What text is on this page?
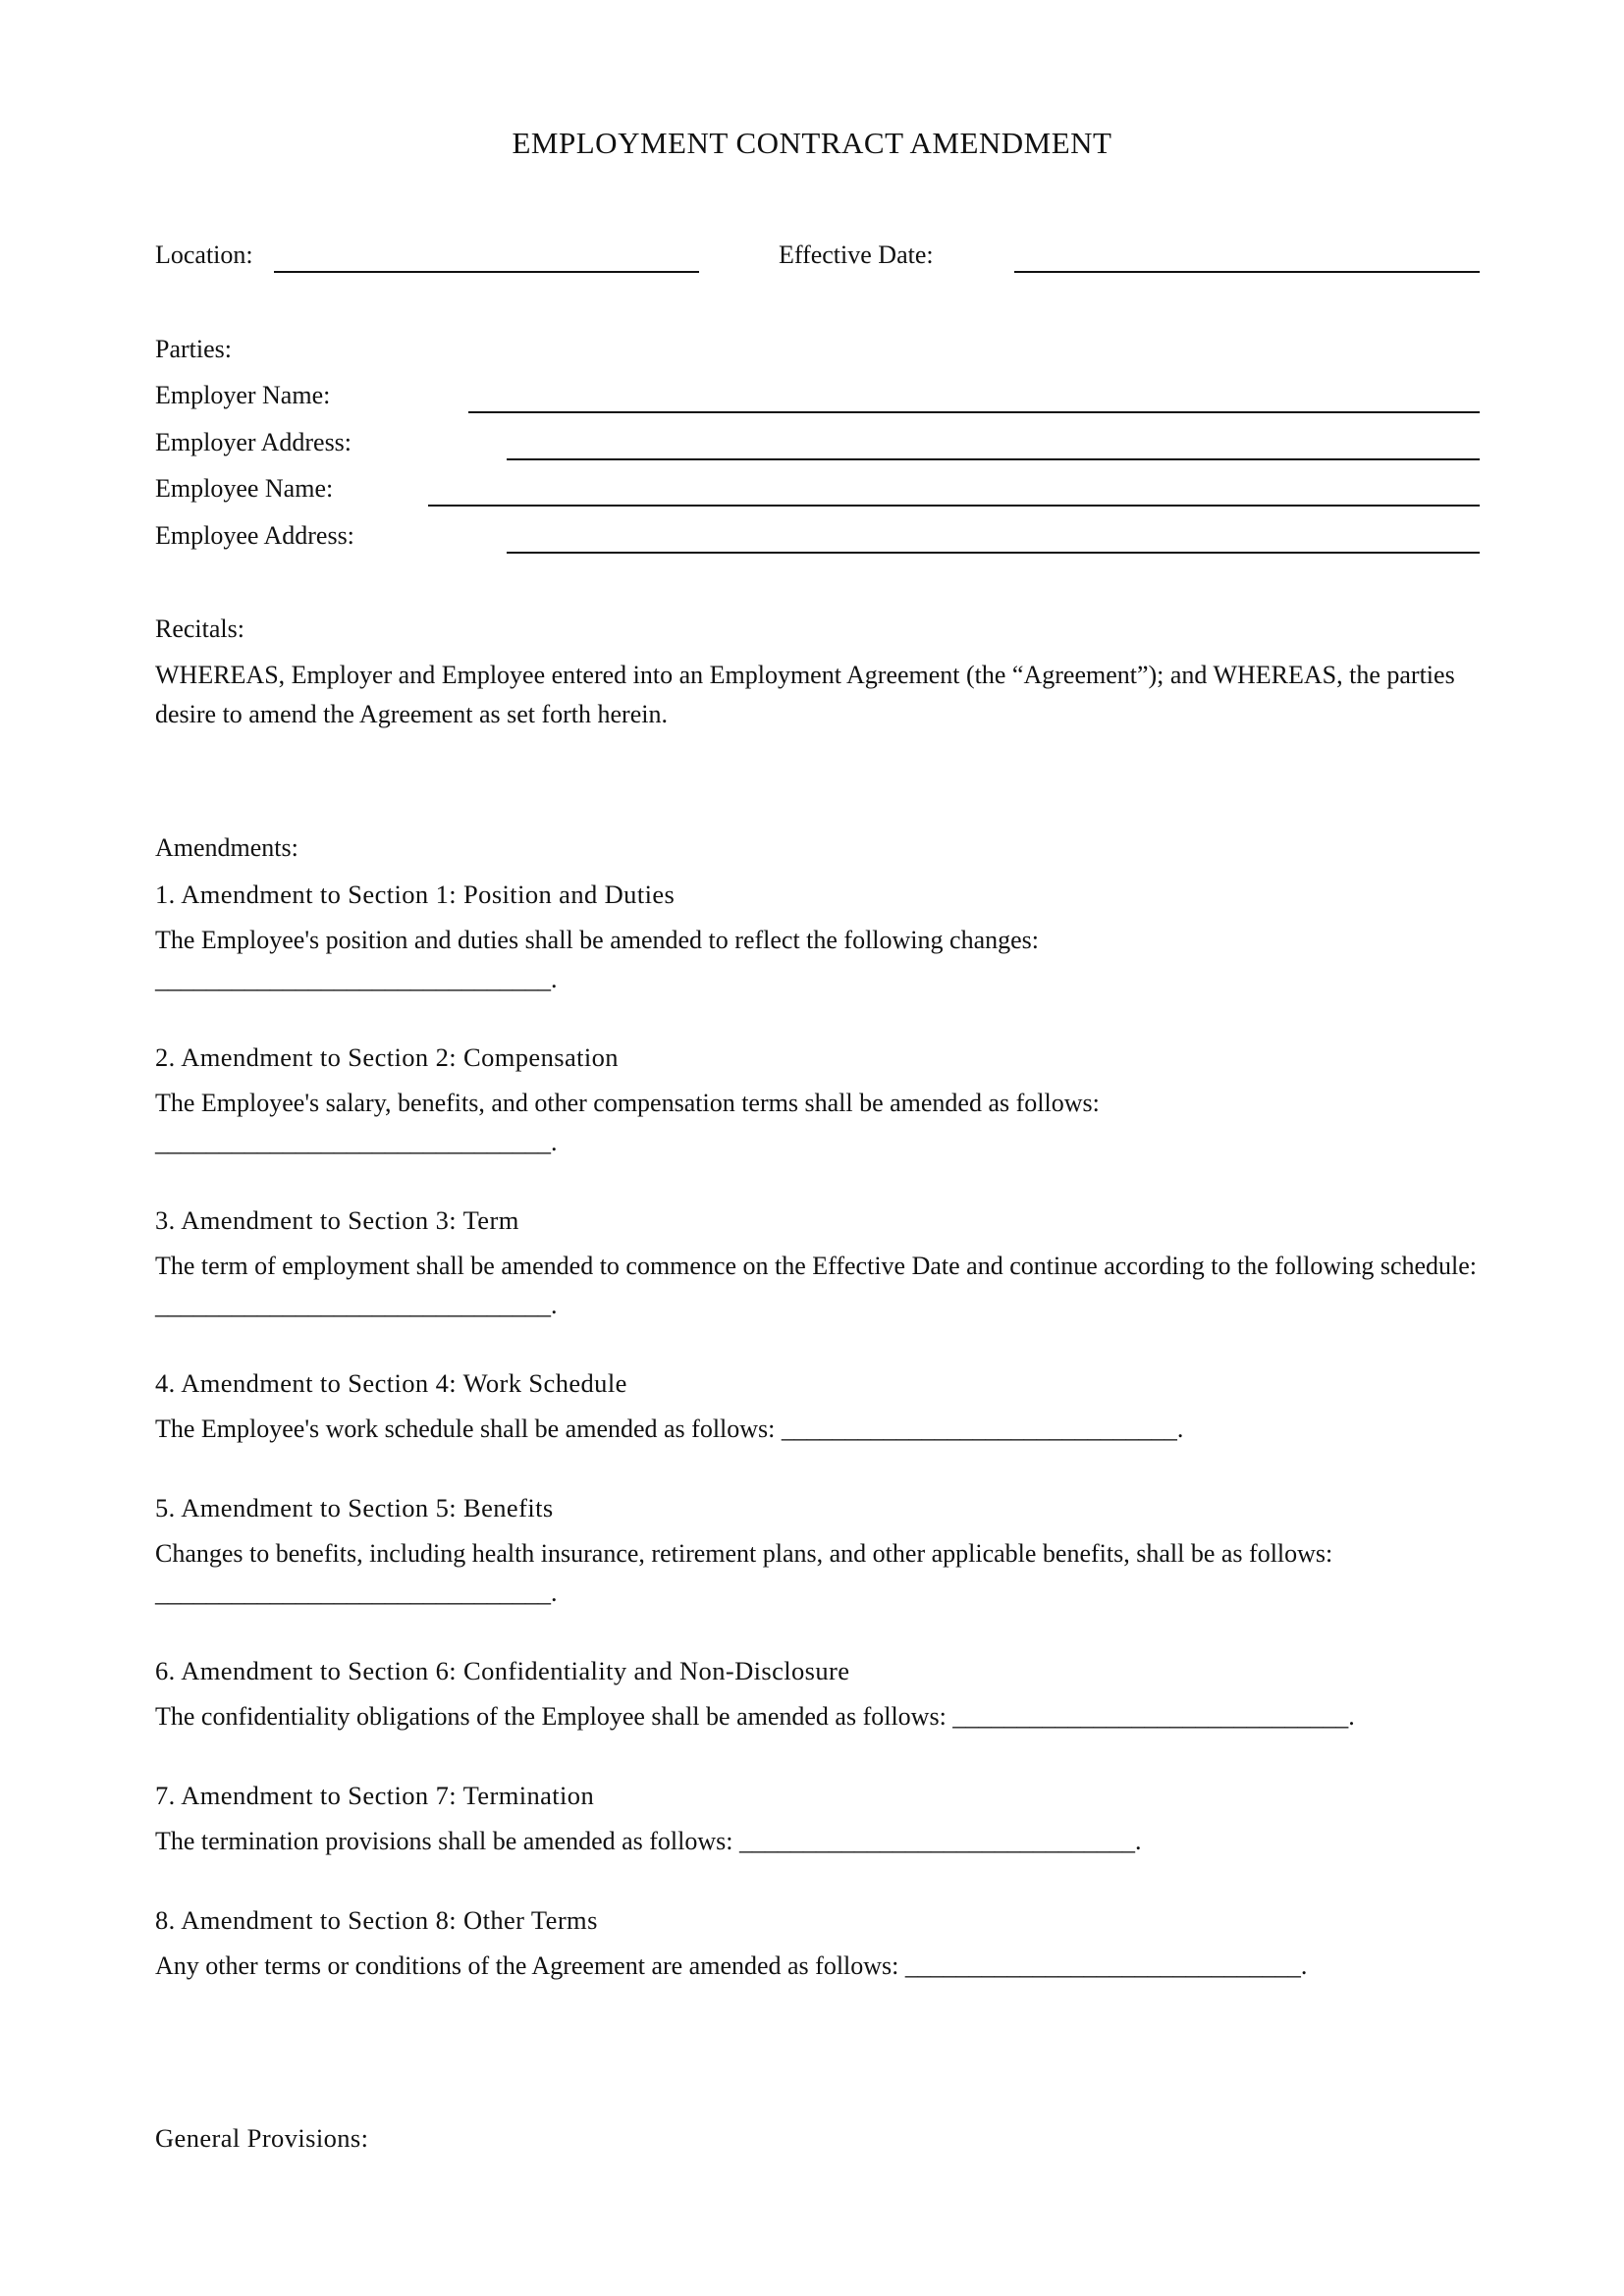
EMPLOYMENT CONTRACT AMENDMENT
Location:	Effective Date:
Parties:
Employer Name:
Employer Address:
Employee Name:
Employee Address:
Recitals:
WHEREAS, Employer and Employee entered into an Employment Agreement (the “Agreement”); and WHEREAS, the parties desire to amend the Agreement as set forth herein.
Amendments:
1. Amendment to Section 1: Position and Duties
The Employee's position and duties shall be amended to reflect the following changes:
_______________________________.
2. Amendment to Section 2: Compensation
The Employee's salary, benefits, and other compensation terms shall be amended as follows:
_______________________________.
3. Amendment to Section 3: Term
The term of employment shall be amended to commence on the Effective Date and continue according to the following schedule: _______________________________.
4. Amendment to Section 4: Work Schedule
The Employee's work schedule shall be amended as follows: _______________________________.
5. Amendment to Section 5: Benefits
Changes to benefits, including health insurance, retirement plans, and other applicable benefits, shall be as follows:
_______________________________.
6. Amendment to Section 6: Confidentiality and Non-Disclosure
The confidentiality obligations of the Employee shall be amended as follows: _______________________________.
7. Amendment to Section 7: Termination
The termination provisions shall be amended as follows: _______________________________.
8. Amendment to Section 8: Other Terms
Any other terms or conditions of the Agreement are amended as follows: _______________________________.
General Provisions:
